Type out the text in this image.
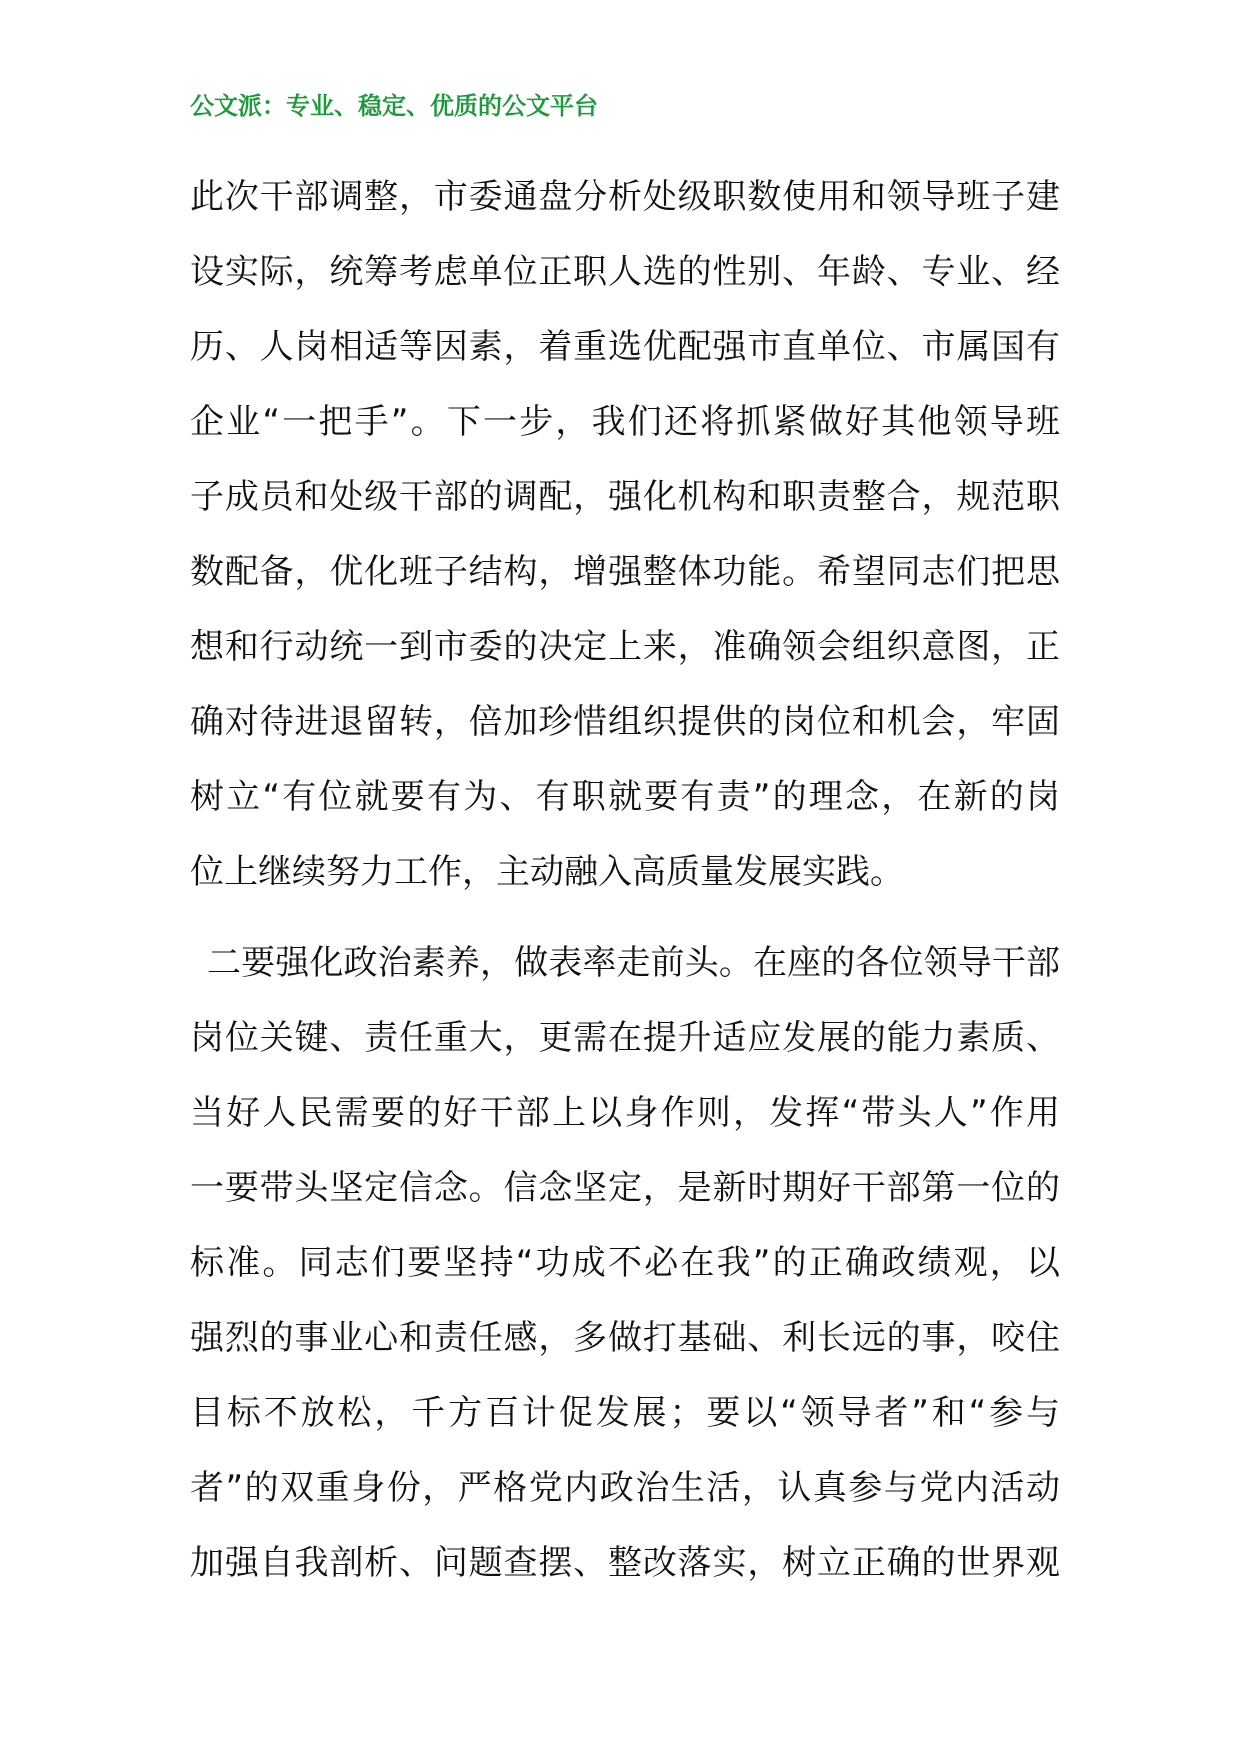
公文派：专业、稳定、优质的公文平台
此次干部调整，市委通盘分析处级职数使用和领导班子建
设实际，统筹考虑单位正职人选的性别、年龄、专业、经
历、人岗相适等因素，着重选优配强市直单位、市属国有
企业“一把手”。下一步，我们还将抓紧做好其他领导班
子成员和处级干部的调配，强化机构和职责整合，规范职
数配备，优化班子结构，增强整体功能。希望同志们把思
想和行动统一到市委的决定上来，准确领会组织意图，正
确对待进退留转，倍加珍惜组织提供的岗位和机会，牢固
树立“有位就要有为、有职就要有责”的理念，在新的岗
位上继续努力工作，主动融入高质量发展实践。
二要强化政治素养，做表率走前头。在座的各位领导干部
岗位关键、责任重大，更需在提升适应发展的能力素质、
当好人民需要的好干部上以身作则，发挥“带头人”作用
一要带头坚定信念。信念坚定，是新时期好干部第一位的
标准。同志们要坚持“功成不必在我”的正确政绩观，以
强烈的事业心和责任感，多做打基础、利长远的事，咬住
目标不放松，千方百计促发展；要以“领导者”和“参与
者”的双重身份，严格党内政治生活，认真参与党内活动
加强自我剖析、问题查摆、整改落实，树立正确的世界观
